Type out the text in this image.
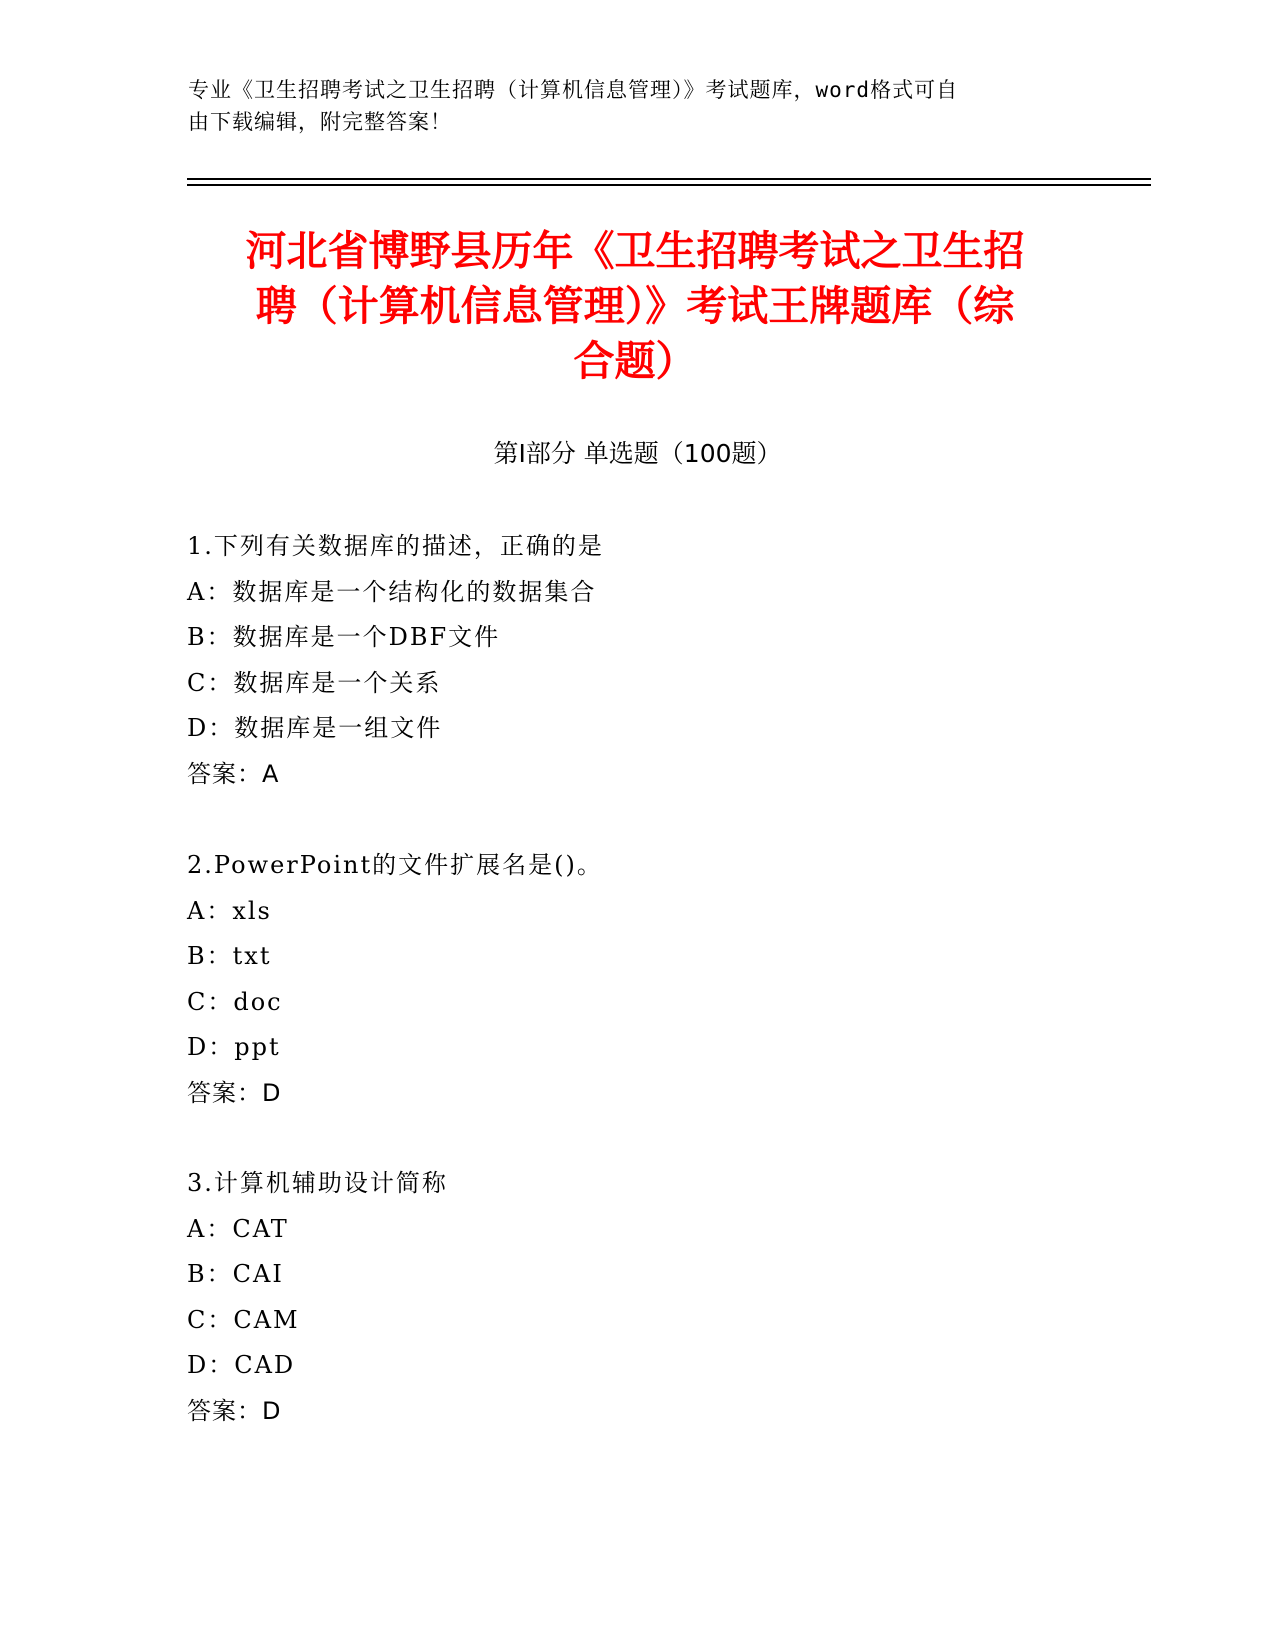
专业《卫生招聘考试之卫生招聘（计算机信息管理）》考试题库，word格式可自
由下载编辑，附完整答案！
河北省博野县历年《卫生招聘考试之卫生招
聘（计算机信息管理）》考试王牌题库（综
合题）
第Ⅰ部分 单选题（100题）
1.下列有关数据库的描述，正确的是
A：数据库是一个结构化的数据集合
B：数据库是一个DBF文件
C：数据库是一个关系
D：数据库是一组文件
答案：A
2.PowerPoint的文件扩展名是()。
A：xls
B：txt
C：doc
D：ppt
答案：D
3.计算机辅助设计简称
A：CAT
B：CAI
C：CAM
D：CAD
答案：D
